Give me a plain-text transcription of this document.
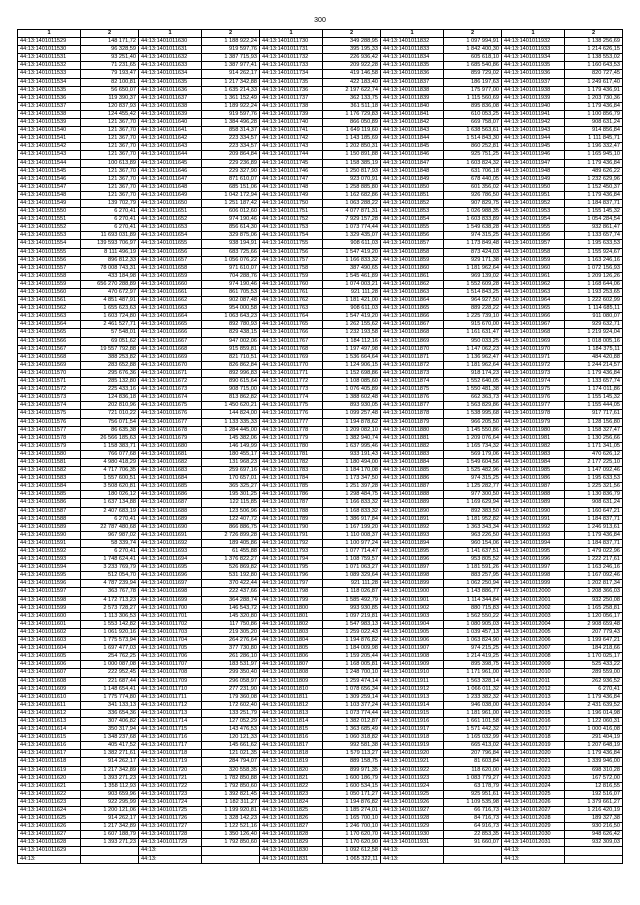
300
1	2	1	2	1	2	1	2	1	2
44:13:1401011529	148 171,72	44:13:1401011630	1 188 922,24	44:13:1401011730	349 288,95	44:13:1401011832	1 097 994,91	44:13:1401011932	1 138 256,69
44:13:1401011530	96 328,59	44:13:1401011631	919 597,76	44:13:1401011731	395 195,33	44:13:1401011833	1 842 400,30	44:13:1401011933	1 214 626,15
44:13:1401011531	93 251,40	44:13:1401011632	1 387 715,93	44:13:1401011732	226 936,42	44:13:1401011834	605 618,10	44:13:1401011934	1 138 553,02
44:13:1401011532	71 231,65	44:13:1401011633	1 387 977,41	44:13:1401011733	209 922,28	44:13:1401011835	1 685 540,86	44:13:1401011935	1 160 643,53
44:13:1401011533	79 193,47	44:13:1401011634	914 262,17	44:13:1401011734	419 146,58	44:13:1401011836	859 729,02	44:13:1401011936	820 727,45
44:13:1401011534	82 100,81	44:13:1401011635	1 217 342,88	44:13:1401011735	422 183,40	44:13:1401011837	186 197,63	44:13:1401011937	1 249 617,40
44:13:1401011535	56 650,07	44:13:1401011636	1 635 214,33	44:13:1401011736	2 197 622,74	44:13:1401011838	175 977,00	44:13:1401011938	1 179 436,91
44:13:1401011536	119 390,37	44:13:1401011637	1 361 152,49	44:13:1401011737	362 133,75	44:13:1401011839	1 115 560,69	44:13:1401011939	1 203 730,36
44:13:1401011537	120 837,93	44:13:1401011638	1 189 922,24	44:13:1401011738	361 511,18	44:13:1401011840	895 836,08	44:13:1401011940	1 179 436,84
44:13:1401011538	124 455,42	44:13:1401011639	919 597,76	44:13:1401011739	1 176 729,83	44:13:1401011841	610 053,25	44:13:1401011941	1 100 856,79
44:13:1401011539	121 367,70	44:13:1401011640	1 384 496,28	44:13:1401011740	866 050,89	44:13:1401011842	669 758,07	44:13:1401011942	908 631,24
44:13:1401011540	121 367,70	44:13:1401011641	858 314,37	44:13:1401011741	1 649 119,60	44:13:1401011843	1 638 563,61	44:13:1401011943	914 856,84
44:13:1401011541	121 367,70	44:13:1401011642	223 334,57	44:13:1401011742	1 143 185,69	44:13:1401011844	1 514 843,30	44:13:1401011944	1 111 845,71
44:13:1401011542	121 367,70	44:13:1401011643	223 334,57	44:13:1401011743	1 202 850,31	44:13:1401011845	860 252,81	44:13:1401011945	1 196 332,47
44:13:1401011543	121 367,70	44:13:1401011644	209 864,84	44:13:1401011744	1 150 891,88	44:13:1401011846	925 751,25	44:13:1401011946	1 165 945,10
44:13:1401011544	100 613,89	44:13:1401011645	229 236,89	44:13:1401011745	1 158 385,19	44:13:1401011847	1 603 824,32	44:13:1401011947	1 179 436,84
44:13:1401011545	121 367,70	44:13:1401011646	229 327,90	44:13:1401011746	1 250 817,93	44:13:1401011848	631 706,18	44:13:1401011948	489 626,22
44:13:1401011546	121 367,70	44:13:1401011647	871 610,07	44:13:1401011747	923 070,91	44:13:1401011849	678 440,05	44:13:1401011949	1 232 629,96
44:13:1401011547	121 367,70	44:13:1401011648	685 151,06	44:13:1401011748	1 258 885,80	44:13:1401011850	601 356,02	44:13:1401011950	1 152 450,37
44:13:1401011548	121 367,70	44:13:1401011649	1 042 172,94	44:13:1401011749	1 162 682,86	44:13:1401011851	926 786,50	44:13:1401011951	1 179 436,84
44:13:1401011549	139 702,79	44:13:1401011650	1 251 187,42	44:13:1401011750	1 063 288,22	44:13:1401011852	907 829,75	44:13:1401011952	1 184 837,71
44:13:1401011550	6 270,41	44:13:1401011651	606 012,60	44:13:1401011751	4 077 871,31	44:13:1401011853	1 026 988,35	44:13:1401011953	1 155 145,32
44:13:1401011551	6 270,41	44:13:1401011652	974 190,46	44:13:1401011752	7 929 157,28	44:13:1401011854	1 603 833,89	44:13:1401011954	1 054 284,54
44:13:1401011552	6 270,41	44:13:1401011653	856 614,30	44:13:1401011753	1 073 774,44	44:13:1401011855	1 549 638,28	44:13:1401011955	932 861,47
44:13:1401011553	11 693 031,89	44:13:1401011654	329 875,06	44:13:1401011754	1 329 435,07	44:13:1401011856	974 315,25	44:13:1401011956	1 133 657,74
44:13:1401011554	139 593 706,97	44:13:1401011655	938 194,91	44:13:1401011755	908 611,03	44:13:1401011857	1 173 849,48	44:13:1401011957	1 195 633,53
44:13:1401011555	8 111 496,19	44:13:1401011656	683 725,66	44:13:1401011756	1 547 419,20	44:13:1401011858	873 424,03	44:13:1401011958	1 155 924,67
44:13:1401011556	896 812,33	44:13:1401011657	1 056 076,22	44:13:1401011757	1 166 833,32	44:13:1401011859	929 171,38	44:13:1401011959	1 163 246,16
44:13:1401011557	78 008 743,31	44:13:1401011658	971 610,07	44:13:1401011758	387 490,65	44:13:1401011860	1 181 962,64	44:13:1401011960	1 072 156,93
44:13:1401011558	433 184,98	44:13:1401011659	704 288,76	44:13:1401011759	1 545 461,89	44:13:1401011861	969 139,02	44:13:1401011961	1 209 126,26
44:13:1401011559	656 270 288,89	44:13:1401011660	974 190,46	44:13:1401011760	1 074 003,21	44:13:1401011862	1 552 609,28	44:13:1401011962	1 168 644,06
44:13:1401011560	470 672,97	44:13:1401011661	861 705,53	44:13:1401011761	921 111,28	44:13:1401011863	1 514 843,25	44:13:1401011963	1 193 253,65
44:13:1401011561	4 851 487,91	44:13:1401011662	902 087,48	44:13:1401011762	1 181 421,00	44:13:1401011864	964 927,50	44:13:1401011964	1 222 602,99
44:13:1401011562	1 655 623,63	44:13:1401011663	954 000,58	44:13:1401011763	908 611,03	44:13:1401011865	889 228,22	44:13:1401011965	1 114 685,11
44:13:1401011563	1 603 724,80	44:13:1401011664	1 063 643,23	44:13:1401011764	1 547 419,20	44:13:1401011866	1 225 739,10	44:13:1401011966	911 080,07
44:13:1401011564	2 461 527,71	44:13:1401011665	892 780,93	44:13:1401011765	1 262 155,62	44:13:1401011867	915 670,00	44:13:1401011967	929 632,71
44:13:1401011565	57 548,01	44:13:1401011666	829 438,15	44:13:1401011766	1 232 193,58	44:13:1401011868	1 161 631,47	44:13:1401011968	1 219 924,04
44:13:1401011566	69 051,62	44:13:1401011667	947 002,06	44:13:1401011767	1 184 112,16	44:13:1401011869	950 033,25	44:13:1401011969	1 018 005,16
44:13:1401011567	19 557 792,88	44:13:1401011668	915 859,81	44:13:1401011768	1 197 497,98	44:13:1401011870	1 147 062,23	44:13:1401011970	1 184 375,11
44:13:1401011568	388 253,82	44:13:1401011669	821 710,51	44:13:1401011769	1 536 664,64	44:13:1401011871	1 136 962,47	44:13:1401011971	484 420,88
44:13:1401011569	283 652,88	44:13:1401011670	826 862,84	44:13:1401011770	1 124 906,15	44:13:1401011872	1 181 962,64	44:13:1401011972	1 244 214,57
44:13:1401011570	295 676,36	44:13:1401011671	892 996,83	44:13:1401011771	1 152 698,86	44:13:1401011873	918 174,23	44:13:1401011973	1 179 436,84
44:13:1401011571	285 132,80	44:13:1401011672	890 615,64	44:13:1401011772	1 108 085,60	44:13:1401011874	1 552 640,05	44:13:1401011974	1 133 657,74
44:13:1401011572	225 433,16	44:13:1401011673	908 715,00	44:13:1401011773	1 076 405,89	44:13:1401011875	1 550 481,38	44:13:1401011975	1 174 011,86
44:13:1401011573	124 836,18	44:13:1401011674	813 862,82	44:13:1401011774	1 388 602,48	44:13:1401011876	662 363,73	44:13:1401011976	1 155 145,32
44:13:1401011574	202 810,96	44:13:1401011675	1 450 620,21	44:13:1401011775	893 930,05	44:13:1401011877	1 563 829,86	44:13:1401011977	1 155 444,05
44:13:1401011575	721 010,22	44:13:1401011676	144 824,00	44:13:1401011776	1 099 257,48	44:13:1401011878	1 538 995,68	44:13:1401011978	917 717,61
44:13:1401011576	756 071,54	44:13:1401011677	1 133 335,33	44:13:1401011777	1 194 878,62	44:13:1401011879	966 205,50	44:13:1401011979	1 128 156,80
44:13:1401011577	86 635,38	44:13:1401011678	1 284 445,00	44:13:1401011778	1 209 082,10	44:13:1401011880	1 145 550,86	44:13:1401011980	1 158 327,47
44:13:1401011578	26 566 185,63	44:13:1401011679	145 382,06	44:13:1401011779	1 382 940,74	44:13:1401011881	1 209 076,64	44:13:1401011981	1 130 256,66
44:13:1401011579	1 158 383,71	44:13:1401011680	146 149,99	44:13:1401011780	1 637 995,46	44:13:1401011882	1 165 734,32	44:13:1401011982	1 171 341,05
44:13:1401011580	766 077,68	44:13:1401011681	180 455,17	44:13:1401011781	933 191,43	44:13:1401011883	569 179,06	44:13:1401011983	470 626,12
44:13:1401011581	4 980 418,29	44:13:1401011682	131 968,23	44:13:1401011782	1 180 494,00	44:13:1401011884	1 549 604,56	44:13:1401011984	2 177 225,10
44:13:1401011582	4 717 706,35	44:13:1401011683	259 697,16	44:13:1401011783	1 184 170,08	44:13:1401011885	1 525 482,96	44:13:1401011985	1 147 092,46
44:13:1401011583	1 557 600,51	44:13:1401011684	170 657,01	44:13:1401011784	1 173 347,50	44:13:1401011886	974 315,25	44:13:1401011986	1 195 633,53
44:13:1401011584	3 508 620,81	44:13:1401011685	365 325,27	44:13:1401011785	1 251 397,28	44:13:1401011887	1 125 282,77	44:13:1401011987	1 225 321,56
44:13:1401011585	180 026,12	44:13:1401011686	195 301,25	44:13:1401011786	1 298 484,75	44:13:1401011888	977 300,50	44:13:1401011988	1 130 836,79
44:13:1401011586	1 637 134,88	44:13:1401011687	122 115,85	44:13:1401011787	1 166 833,32	44:13:1401011889	1 169 629,94	44:13:1401011989	908 631,24
44:13:1401011587	2 407 683,19	44:13:1401011688	123 506,96	44:13:1401011788	1 168 833,32	44:13:1401011890	892 383,50	44:13:1401011990	1 160 647,21
44:13:1401011588	6 270,41	44:13:1401011689	122 407,72	44:13:1401011789	1 386 917,84	44:13:1401011891	1 181 952,82	44:13:1401011991	1 184 837,71
44:13:1401011589	22 787 480,68	44:13:1401011690	866 886,75	44:13:1401011790	1 167 199,20	44:13:1401011892	1 363 343,34	44:13:1401011992	1 246 913,61
44:13:1401011590	967 987,02	44:13:1401011691	2 726 899,28	44:13:1401011791	1 110 008,37	44:13:1401011893	963 226,50	44:13:1401011993	1 179 436,84
44:13:1401011591	58 339,74	44:13:1401011692	189 405,86	44:13:1401011792	1 100 977,24	44:13:1401011894	960 154,06	44:13:1401011994	1 184 837,71
44:13:1401011592	6 270,41	44:13:1401011693	61 455,88	44:13:1401011793	1 077 714,47	44:13:1401011895	1 141 637,51	44:13:1401011995	1 479 022,96
44:13:1401011593	1 748 624,41	44:13:1401011694	1 376 822,27	44:13:1401011794	1 108 759,57	44:13:1401011896	953 805,52	44:13:1401011996	1 222 217,61
44:13:1401011594	3 233 769,79	44:13:1401011695	526 869,82	44:13:1401011795	1 071 063,27	44:13:1401011897	1 181 591,26	44:13:1401011997	1 163 246,16
44:13:1401011595	512 054,70	44:13:1401011696	531 192,80	44:13:1401011796	1 089 329,64	44:13:1401011898	883 257,95	44:13:1401011998	1 167 092,46
44:13:1401011596	4 787 239,94	44:13:1401011697	370 422,44	44:13:1401011797	921 111,28	44:13:1401011899	1 062 250,94	44:13:1401011999	1 202 817,34
44:13:1401011597	363 767,78	44:13:1401011698	222 437,66	44:13:1401011798	1 118 026,87	44:13:1401011900	1 143 886,77	44:13:1401012000	1 208 366,03
44:13:1401011598	4 172 713,23	44:13:1401011699	364 288,74	44:13:1401011799	1 585 492,79	44:13:1401011901	1 114 344,84	44:13:1401012001	932 250,08
44:13:1401011599	2 573 728,27	44:13:1401011700	146 543,72	44:13:1401011800	993 930,85	44:13:1401011902	880 715,83	44:13:1401012002	1 165 258,81
44:13:1401011600	1 113 306,53	44:13:1401011701	145 320,80	44:13:1401011801	1 097 219,81	44:13:1401011903	1 562 550,22	44:13:1401012003	1 120 056,17
44:13:1401011601	1 553 142,82	44:13:1401011702	117 750,86	44:13:1401011802	1 547 983,13	44:13:1401011904	1 080 905,03	44:13:1401012004	2 908 659,48
44:13:1401011602	1 061 920,16	44:13:1401011703	219 305,20	44:13:1401011803	1 259 022,43	44:13:1401011905	1 039 457,13	44:13:1401012005	207 779,43
44:13:1401011603	1 775 573,94	44:13:1401011704	264 276,64	44:13:1401011804	1 194 876,82	44:13:1401011906	1 063 824,90	44:13:1401012006	1 199 647,21
44:13:1401011604	1 697 477,03	44:13:1401011705	377 730,80	44:13:1401011805	1 184 009,98	44:13:1401011907	974 215,25	44:13:1401012007	184 218,66
44:13:1401011605	254 762,25	44:13:1401011706	261 286,10	44:13:1401011806	1 159 205,44	44:13:1401011908	1 214 419,25	44:13:1401012008	1 170 025,17
44:13:1401011606	1 000 087,08	44:13:1401011707	183 531,97	44:13:1401011807	1 168 005,81	44:13:1401011909	895 398,75	44:13:1401012009	525 433,22
44:13:1401011607	222 952,45	44:13:1401011708	299 350,40	44:13:1401011808	1 248 700,10	44:13:1401011910	1 171 961,00	44:13:1401012010	289 559,00
44:13:1401011608	221 687,44	44:13:1401011709	296 058,97	44:13:1401011809	1 259 474,14	44:13:1401011911	1 563 328,14	44:13:1401012011	262 936,52
44:13:1401011609	1 148 654,41	44:13:1401011710	277 231,90	44:13:1401011810	1 078 656,34	44:13:1401011912	1 066 011,32	44:13:1401012012	6 270,41
44:13:1401011610	1 775 774,80	44:13:1401011711	179 360,08	44:13:1401011811	1 309 259,14	44:13:1401011913	1 233 382,32	44:13:1401012013	1 179 436,84
44:13:1401011611	341 133,13	44:13:1401011712	172 602,40	44:13:1401011812	1 103 377,24	44:13:1401011914	946 038,00	44:13:1401012014	2 431 639,52
44:13:1401011612	336 654,36	44:13:1401011713	133 251,79	44:13:1401011813	1 073 774,44	44:13:1401011915	1 181 961,00	44:13:1401012015	1 196 014,98
44:13:1401011613	307 406,82	44:13:1401011714	127 052,29	44:13:1401011814	1 382 012,87	44:13:1401011916	1 661 101,58	44:13:1401012016	1 122 060,31
44:13:1401011614	350 317,94	44:13:1401011715	143 476,53	44:13:1401011815	1 363 685,49	44:13:1401011917	1 571 442,32	44:13:1401012017	1 000 416,08
44:13:1401011615	1 348 237,68	44:13:1401011716	120 121,33	44:13:1401011816	1 060 318,82	44:13:1401011918	1 165 032,99	44:13:1401012018	291 404,19
44:13:1401011616	405 417,52	44:13:1401011717	145 661,62	44:13:1401011817	992 581,38	44:13:1401011919	665 413,02	44:13:1401012019	1 207 648,19
44:13:1401011617	1 382 271,61	44:13:1401011718	121 021,35	44:13:1401011818	1 579 113,27	44:13:1401011920	207 796,84	44:13:1401012020	1 179 436,84
44:13:1401011618	914 262,17	44:13:1401011719	284 794,07	44:13:1401011819	889 158,75	44:13:1401011921	81 603,84	44:13:1401012021	1 339 946,00
44:13:1401011619	1 217 342,89	44:13:1401011720	320 558,35	44:13:1401011820	899 971,35	44:13:1401011922	118 620,00	44:13:1401012022	698 310,28
44:13:1401011620	1 393 271,23	44:13:1401011721	1 782 850,88	44:13:1401011821	1 600 186,79	44:13:1401011923	1 083 779,27	44:13:1401012023	167 572,00
44:13:1401011621	1 358 112,93	44:13:1401011722	1 792 850,60	44:13:1401011822	1 600 534,15	44:13:1401011924	63 178,79	44:13:1401012024	12 816,55
44:13:1401011622	903 659,96	44:13:1401011723	1 392 821,45	44:13:1401011823	1 050 171,27	44:13:1401011925	925 951,61	44:13:1401012025	192 516,07
44:13:1401011623	922 295,99	44:13:1401011724	1 182 311,27	44:13:1401011824	1 194 876,82	44:13:1401011926	1 109 535,98	44:13:1401012026	1 379 661,27
44:13:1401011624	1 200 121,06	44:13:1401011725	1 199 920,81	44:13:1401011825	1 185 274,01	44:13:1401011927	66 716,73	44:13:1401012027	1 216 420,19
44:13:1401011625	914 262,17	44:13:1401011726	1 328 142,23	44:13:1401011826	1 165 700,10	44:13:1401011928	84 716,73	44:13:1401012028	189 327,38
44:13:1401011626	1 217 342,89	44:13:1401011727	1 122 521,16	44:13:1401011827	1 246 700,10	44:13:1401011929	64 916,73	44:13:1401012029	930 216,50
44:13:1401011627	1 607 188,79	44:13:1401011728	1 350 126,40	44:13:1401011828	1 170 620,70	44:13:1401011930	22 853,35	44:13:1401012030	948 626,42
44:13:1401011628	1 393 271,23	44:13:1401011729	1 792 850,60	44:13:1401011829	1 170 620,90	44:13:1401011931	91 660,07	44:13:1401012031	932 309,03
44:13:1401011629		44:13:		44:13:1401011830	1 092 612,58	44:13:		44:13:	
44:13:		44:13:		44:13:1401011831	1 065 322,11	44:13:		44:13:	
